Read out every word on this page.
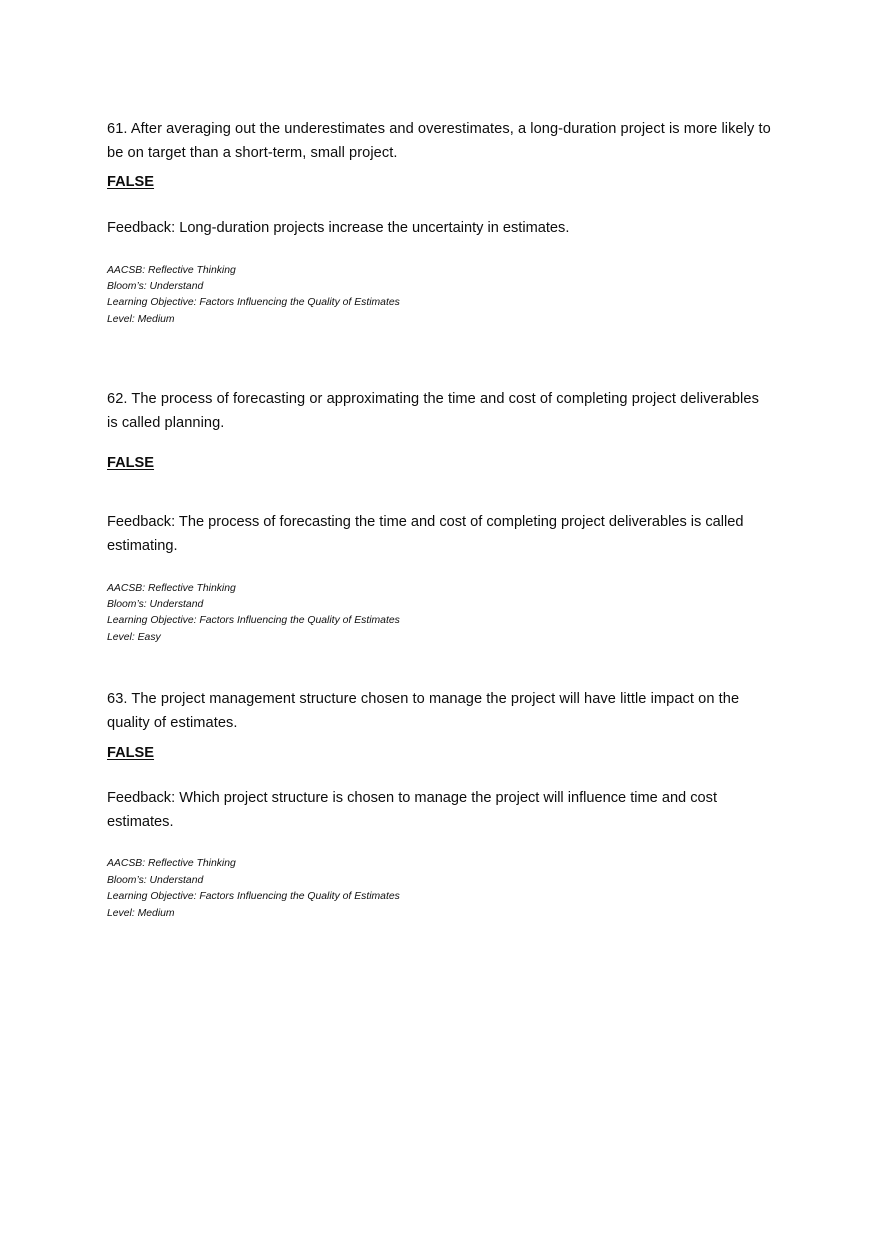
61. After averaging out the underestimates and overestimates, a long-duration project is more likely to be on target than a short-term, small project.

FALSE

Feedback: Long-duration projects increase the uncertainty in estimates.

AACSB: Reflective Thinking

Bloom’s: Understand

Learning Objective: Factors Influencing the Quality of Estimates

Level: Medium

62. The process of forecasting or approximating the time and cost of completing project deliverables is called planning.

FALSE

Feedback: The process of forecasting the time and cost of completing project deliverables is called estimating.

AACSB: Reflective Thinking

Bloom’s: Understand

Learning Objective: Factors Influencing the Quality of Estimates

Level: Easy

63. The project management structure chosen to manage the project will have little impact on the quality of estimates.

FALSE

Feedback: Which project structure is chosen to manage the project will influence time and cost estimates.

AACSB: Reflective Thinking

Bloom’s: Understand

Learning Objective: Factors Influencing the Quality of Estimates

Level: Medium
